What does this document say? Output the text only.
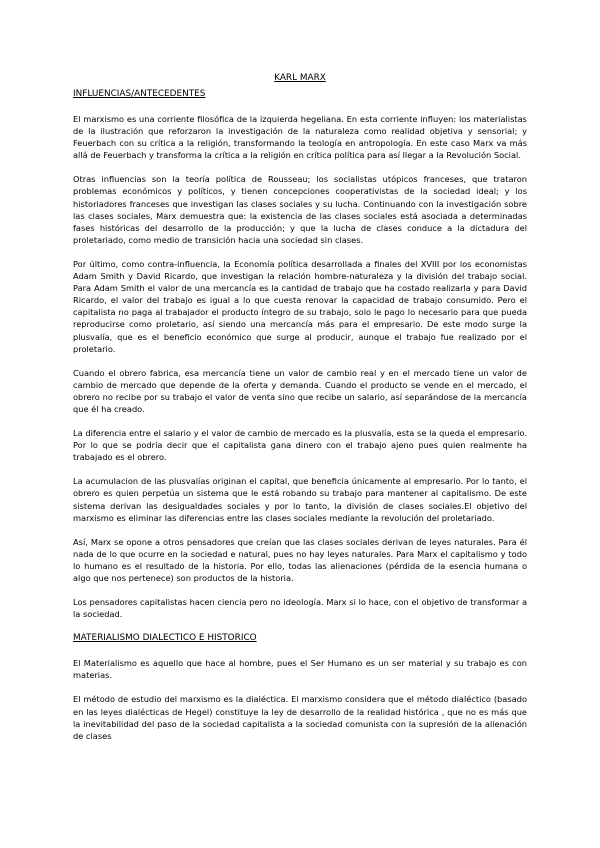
KARL MARX
INFLUENCIAS/ANTECEDENTES

El marxismo es una corriente filosófica de la izquierda hegeliana. En esta corriente influyen: los materialistas de la ilustración que reforzaron la investigación de la naturaleza como realidad objetiva y sensorial; y Feuerbach con su crítica a la religión, transformando la teología en antropología. En este caso Marx va más allá de Feuerbach y transforma la crítica a la religión en crítica política para así llegar a la Revolución Social.

Otras influencias son la teoría política de Rousseau; los socialistas utópicos franceses, que trataron problemas económicos y políticos, y tienen concepciones cooperativistas de la sociedad ideal; y los historiadores franceses que investigan las clases sociales y su lucha. Continuando con la investigación sobre las clases sociales, Marx demuestra que: la existencia de las clases sociales está asociada a determinadas fases históricas del desarrollo de la producción; y que la lucha de clases conduce a la dictadura del proletariado, como medio de transición hacia una sociedad sin clases.

Por último, como contra-influencia, la Economía política desarrollada a finales del XVIII por los economistas Adam Smith y David Ricardo, que investigan la relación hombre-naturaleza y la división del trabajo social. Para Adam Smith el valor de una mercancía es la cantidad de trabajo que ha costado realizarla y para David Ricardo, el valor del trabajo es igual a lo que cuesta renovar la capacidad de trabajo consumido. Pero el capitalista no paga al trabajador el producto íntegro de su trabajo, solo le pago lo necesario para que pueda reproducirse como proletario, así siendo una mercancía más para el empresario. De este modo surge la plusvalía, que es el beneficio económico que surge al producir, aunque el trabajo fue realizado por el proletario.

Cuando el obrero fabrica, esa mercancía tiene un valor de cambio real y en el mercado tiene un valor de cambio de mercado que depende de la oferta y demanda. Cuando el producto se vende en el mercado, el obrero no recibe por su trabajo el valor de venta sino que recibe un salario, así separándose de la mercancía que él ha creado.

La diferencia entre el salario y el valor de cambio de mercado es la plusvalía, esta se la queda el empresario. Por lo que se podría decir que el capitalista gana dinero con el trabajo ajeno pues quien realmente ha trabajado es el obrero.

La acumulacion de las plusvalías originan el capital, que beneficia únicamente al empresario. Por lo tanto, el obrero es quien perpetúa un sistema que le está robando su trabajo para mantener al capitalismo. De este sistema derivan las desigualdades sociales y por lo tanto, la división de clases sociales.El objetivo del marxismo es eliminar las diferencias entre las clases sociales mediante la revolución del proletariado.

Así, Marx se opone a otros pensadores que creían que las clases sociales derivan de leyes naturales. Para él nada de lo que ocurre en la sociedad e natural, pues no hay leyes naturales. Para Marx el capitalismo y todo lo humano es el resultado de la historia. Por ello, todas las alienaciones (pérdida de la esencia humana o algo que nos pertenece) son productos de la historia.

Los pensadores capitalistas hacen ciencia pero no ideología. Marx si lo hace, con el objetivo de transformar a la sociedad.

MATERIALISMO DIALECTICO E HISTORICO

El Materialismo es aquello que hace al hombre, pues el Ser Humano es un ser material y su trabajo es con materias.

El método de estudio del marxismo es la dialéctica. El marxismo considera que el método dialéctico (basado en las leyes dialécticas de Hegel) constituye la ley de desarrollo de la realidad histórica , que no es más que la inevitabilidad del paso de la sociedad capitalista a la sociedad comunista con la supresión de la alienación de clases
